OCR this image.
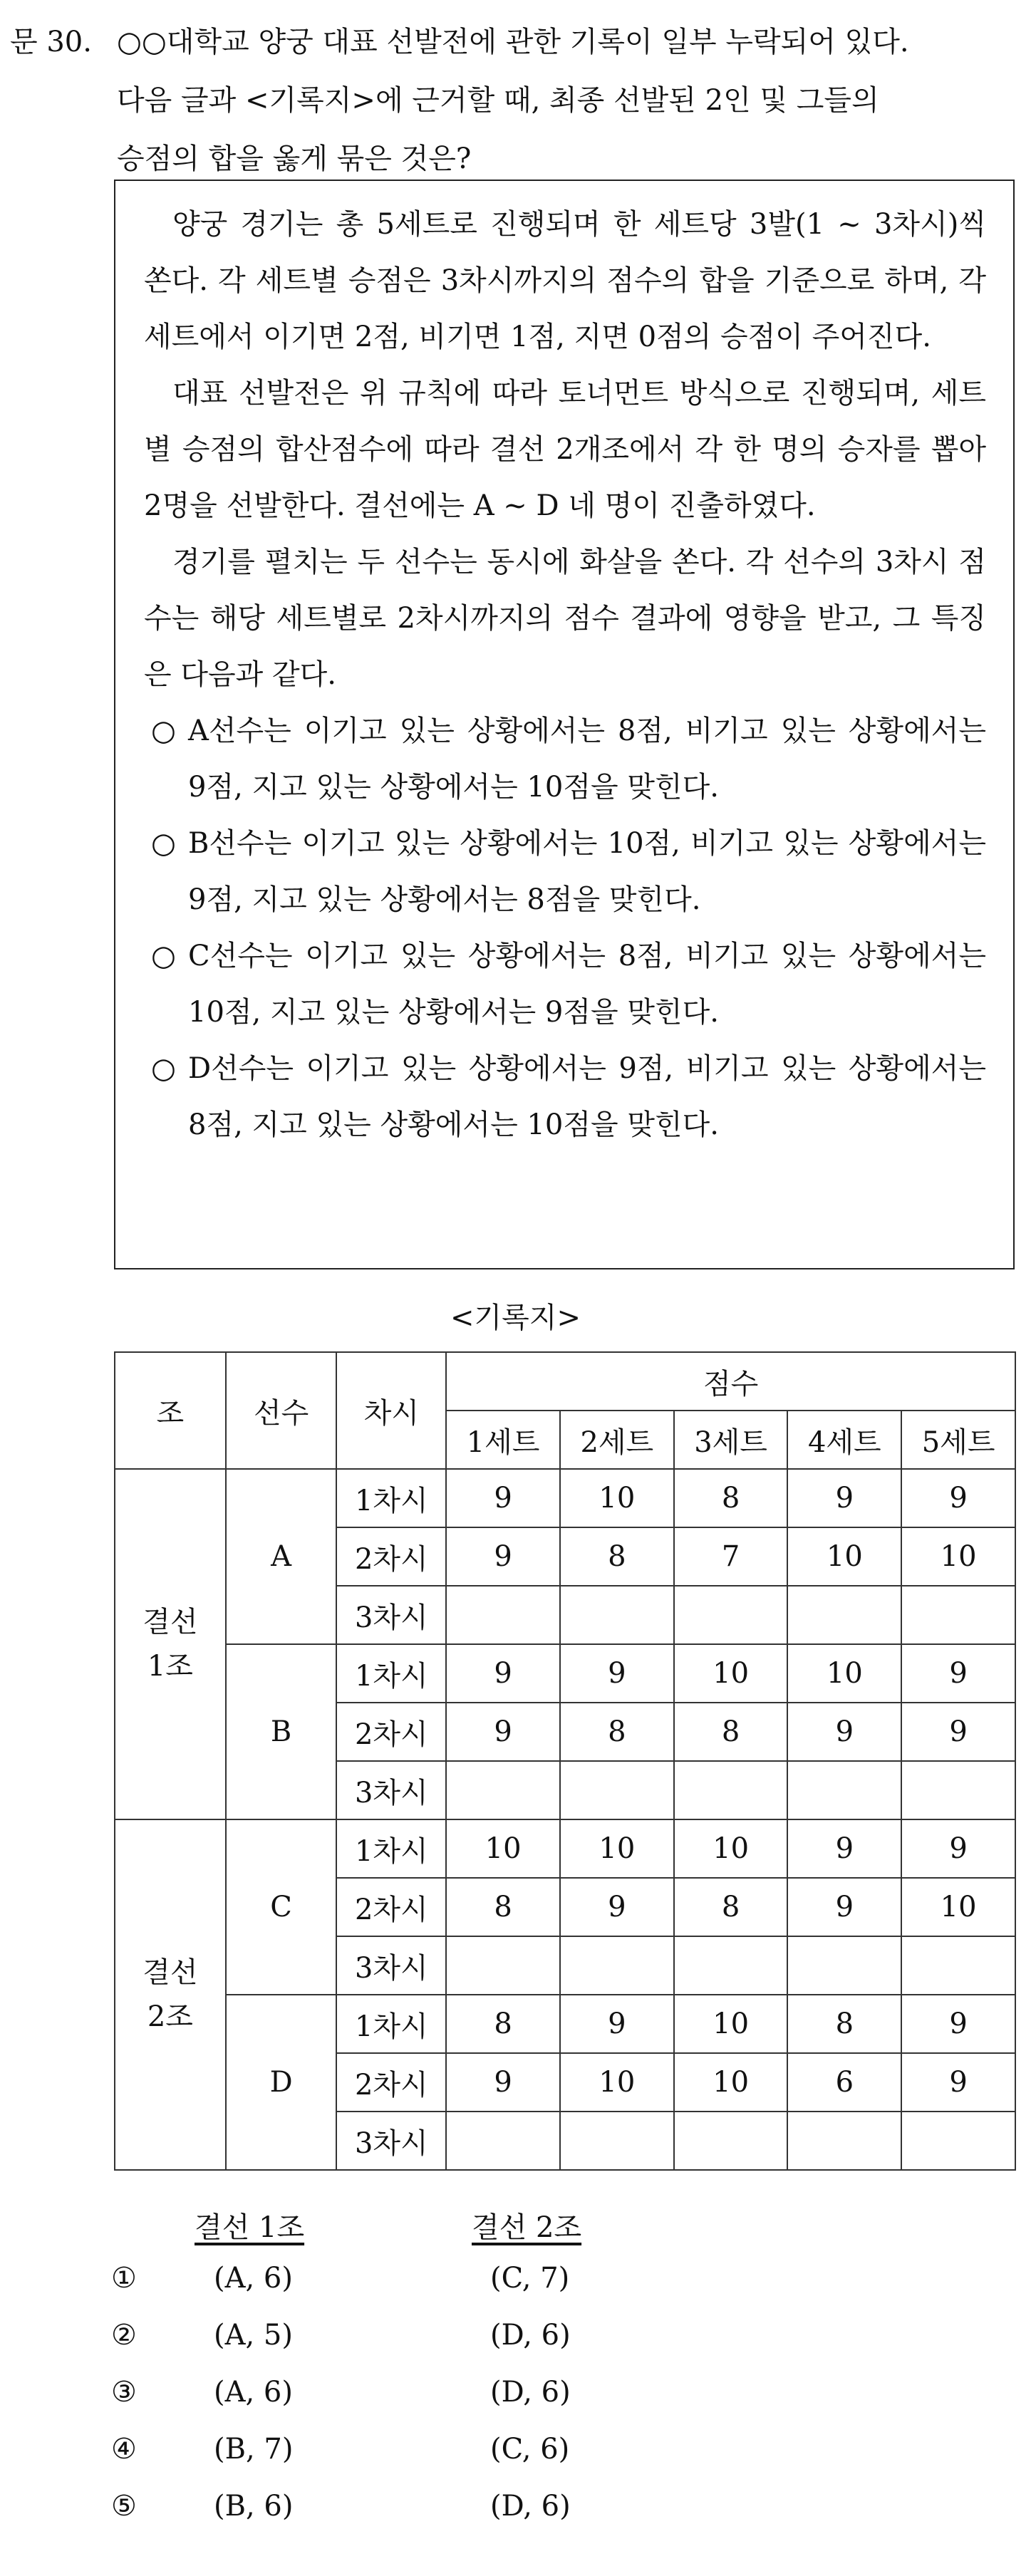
문 30. ○○대학교 양궁 대표 선발전에 관한 기록이 일부 누락되어 있다.
다음 글과 <기록지>에 근거할 때, 최종 선발된 2인 및 그들의
승점의 합을 옳게 묶은 것은?

양궁 경기는 총 5세트로 진행되며 한 세트당 3발(1 ~ 3차시)씩 쏜다. 각 세트별 승점은 3차시까지의 점수의 합을 기준으로 하며, 각 세트에서 이기면 2점, 비기면 1점, 지면 0점의 승점이 주어진다.

대표 선발전은 위 규칙에 따라 토너먼트 방식으로 진행되며, 세트별 승점의 합산점수에 따라 결선 2개조에서 각 한 명의 승자를 뽑아 2명을 선발한다. 결선에는 A ~ D 네 명이 진출하였다.

경기를 펼치는 두 선수는 동시에 화살을 쏜다. 각 선수의 3차시 점수는 해당 세트별로 2차시까지의 점수 결과에 영향을 받고, 그 특징은 다음과 같다.

○ A선수는 이기고 있는 상황에서는 8점, 비기고 있는 상황에서는 9점, 지고 있는 상황에서는 10점을 맞힌다.

○ B선수는 이기고 있는 상황에서는 10점, 비기고 있는 상황에서는 9점, 지고 있는 상황에서는 8점을 맞힌다.

○ C선수는 이기고 있는 상황에서는 8점, 비기고 있는 상황에서는 10점, 지고 있는 상황에서는 9점을 맞힌다.

○ D선수는 이기고 있는 상황에서는 9점, 비기고 있는 상황에서는 8점, 지고 있는 상황에서는 10점을 맞힌다.

<기록지>
조	선수	차시	점수				
			1세트	2세트	3세트	4세트	5세트

결선
1조	A	1차시	9	10	8	9	9
		2차시	9	8	7	10	10
		3차시					
	B	1차시	9	9	10	10	9
		2차시	9	8	8	9	9
		3차시					

결선
2조	C	1차시	10	10	10	9	9
		2차시	8	9	8	9	10
		3차시					
	D	1차시	8	9	10	8	9
		2차시	9	10	10	6	9
		3차시					
결선 1조	결선 2조
①	(A, 6)	(C, 7)
②	(A, 5)	(D, 6)
③	(A, 6)	(D, 6)
④	(B, 7)	(C, 6)
⑤	(B, 6)	(D, 6)
